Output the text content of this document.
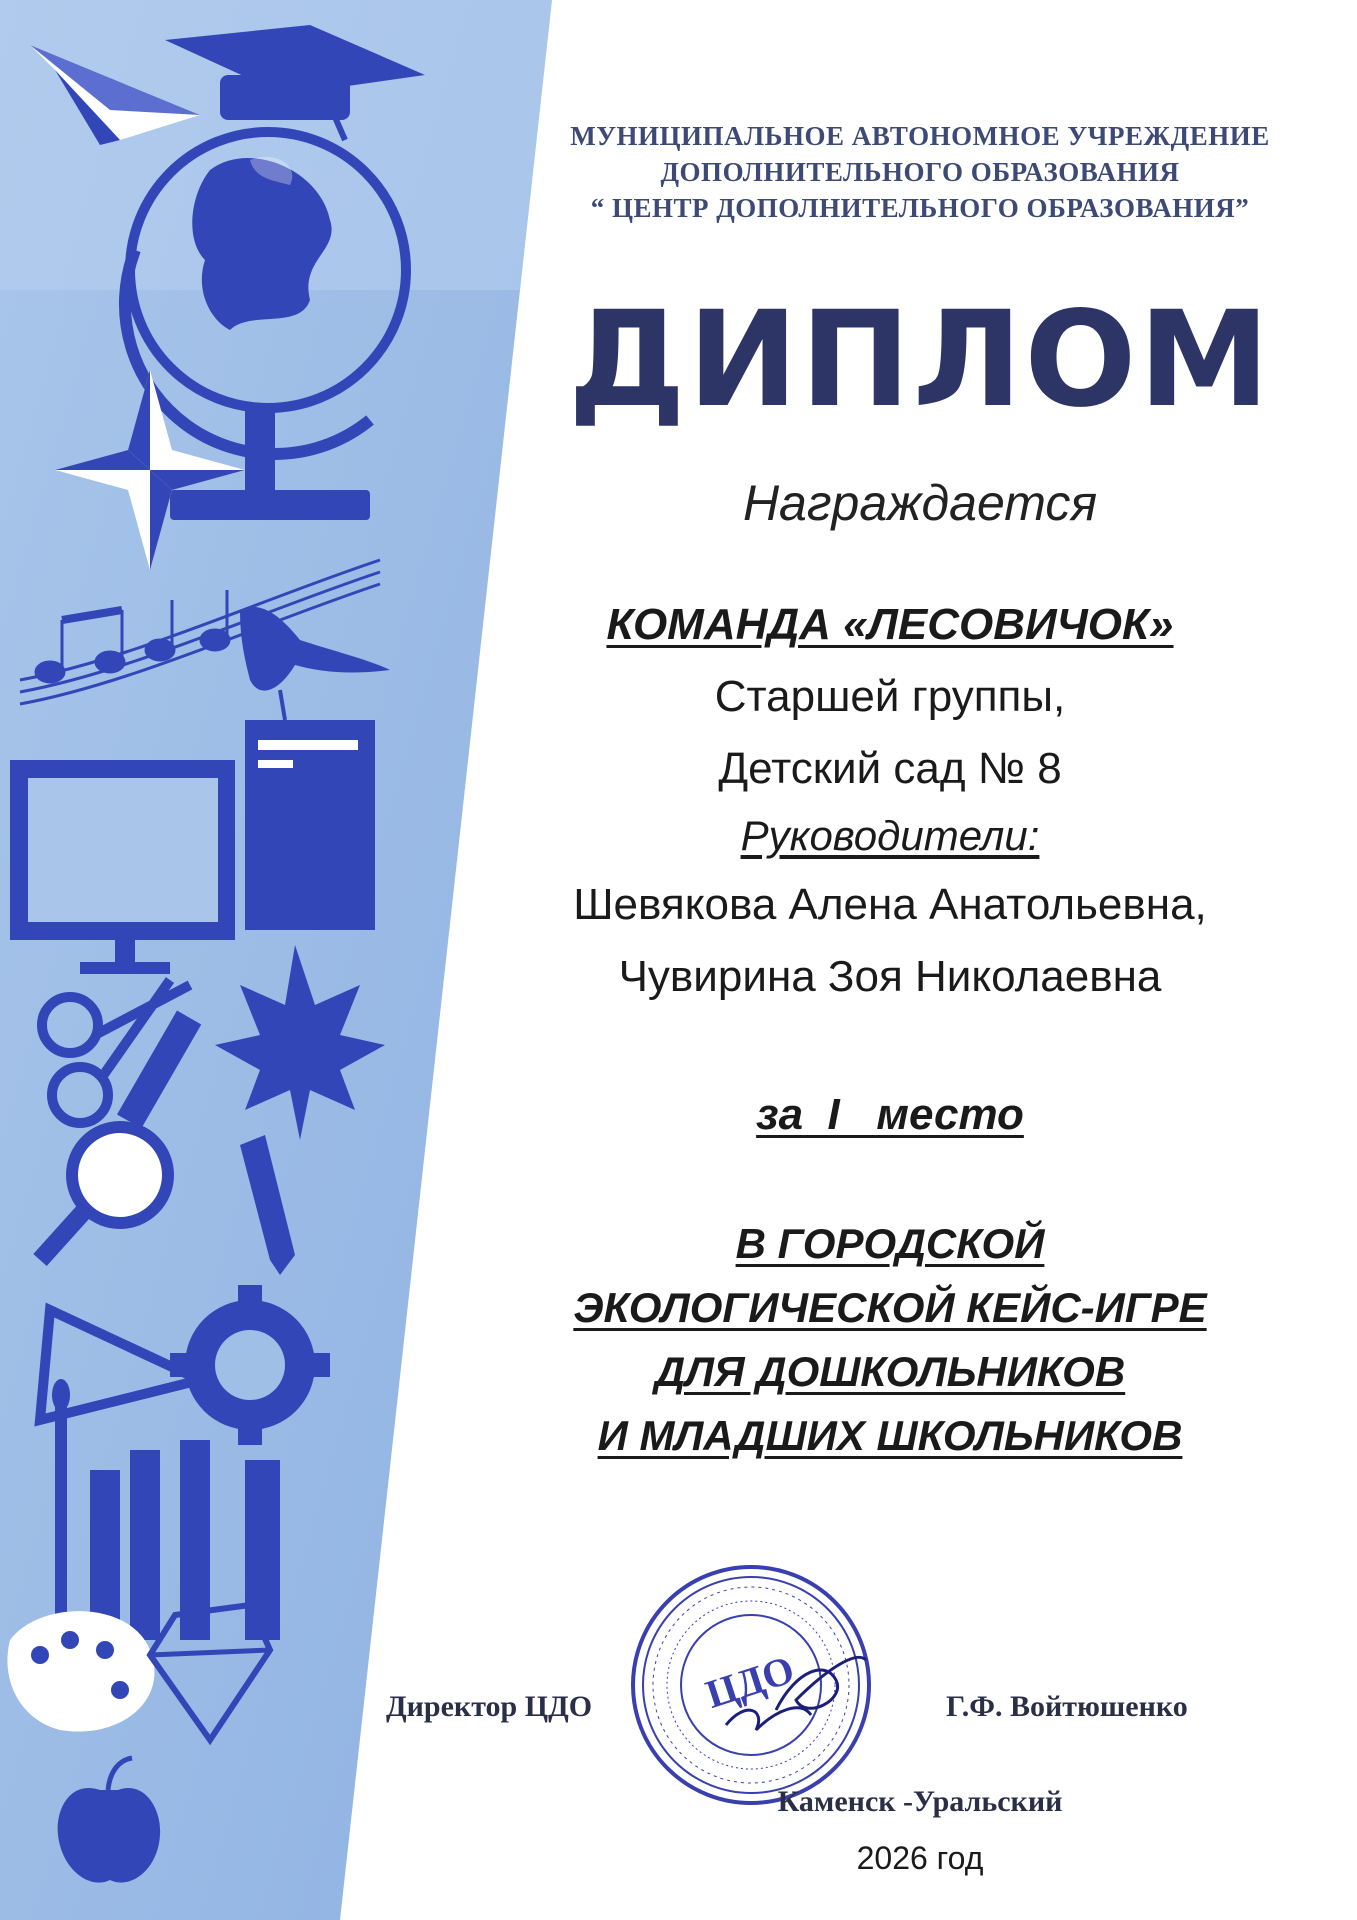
МУНИЦИПАЛЬНОЕ АВТОНОМНОЕ УЧРЕЖДЕНИЕ
ДОПОЛНИТЕЛЬНОГО ОБРАЗОВАНИЯ
“ ЦЕНТР ДОПОЛНИТЕЛЬНОГО ОБРАЗОВАНИЯ”
ДИПЛОМ
Награждается
КОМАНДА «ЛЕСОВИЧОК»
Старшей группы,
Детский сад № 8
Руководители:
Шевякова Алена Анатольевна,
Чувирина Зоя Николаевна
за  I   место
В ГОРОДСКОЙ
ЭКОЛОГИЧЕСКОЙ КЕЙС-ИГРЕ
ДЛЯ ДОШКОЛЬНИКОВ
И МЛАДШИХ ШКОЛЬНИКОВ
ЦДО
Директор ЦДО	Г.Ф. Войтюшенко
Каменск -Уральский
2026 год
